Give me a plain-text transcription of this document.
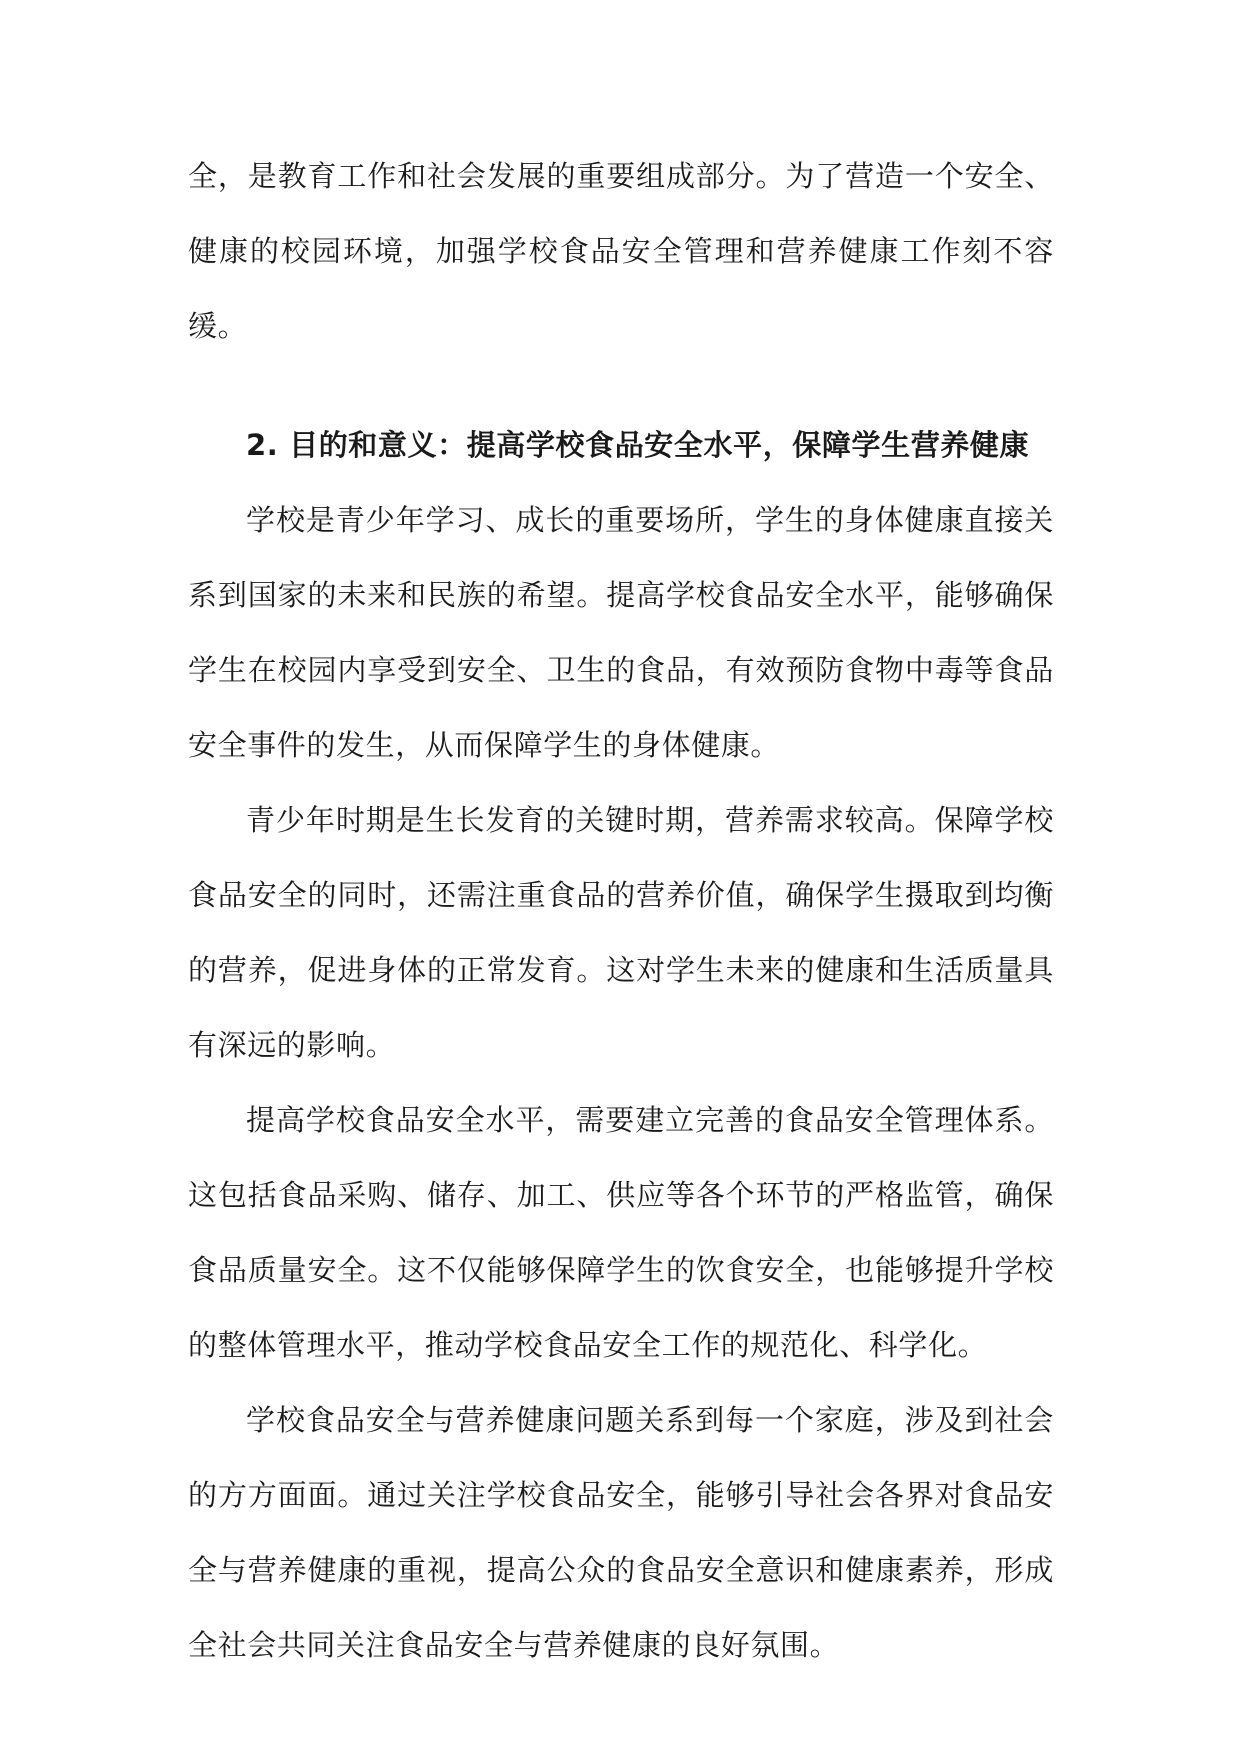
全，是教育工作和社会发展的重要组成部分。为了营造一个安全、健康的校园环境，加强学校食品安全管理和营养健康工作刻不容缓。

2. 目的和意义：提高学校食品安全水平，保障学生营养健康

学校是青少年学习、成长的重要场所，学生的身体健康直接关系到国家的未来和民族的希望。提高学校食品安全水平，能够确保学生在校园内享受到安全、卫生的食品，有效预防食物中毒等食品安全事件的发生，从而保障学生的身体健康。

青少年时期是生长发育的关键时期，营养需求较高。保障学校食品安全的同时，还需注重食品的营养价值，确保学生摄取到均衡的营养，促进身体的正常发育。这对学生未来的健康和生活质量具有深远的影响。

提高学校食品安全水平，需要建立完善的食品安全管理体系。这包括食品采购、储存、加工、供应等各个环节的严格监管，确保食品质量安全。这不仅能够保障学生的饮食安全，也能够提升学校的整体管理水平，推动学校食品安全工作的规范化、科学化。

学校食品安全与营养健康问题关系到每一个家庭，涉及到社会的方方面面。通过关注学校食品安全，能够引导社会各界对食品安全与营养健康的重视，提高公众的食品安全意识和健康素养，形成全社会共同关注食品安全与营养健康的良好氛围。
